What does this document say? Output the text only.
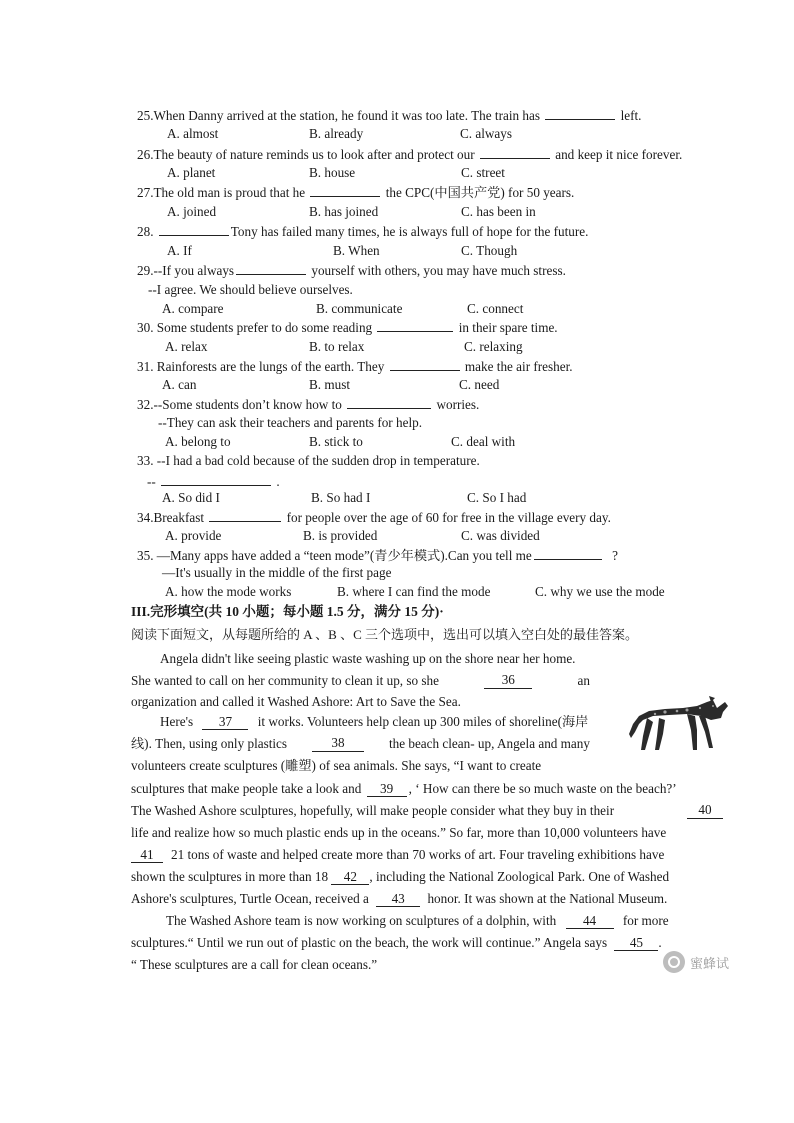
25.When Danny arrived at the station, he found it was too late. The train has	left.
A. almost	B. already	C. always
26.The beauty of nature reminds us to look after and protect our	and keep it nice forever.
A. planet	B. house	C. street
27.The old man is proud that he	the CPC(中国共产党) for 50 years.
A. joined	B. has joined	C. has been in
28.	Tony has failed many times, he is always full of hope for the future.
A. If	B. When	C. Though
29.--If you always	yourself with others, you may have much stress.
--I agree. We should believe ourselves.
A. compare	B. communicate	C. connect
30. Some students prefer to do some reading	in their spare time.
A. relax	B. to relax	C. relaxing
31. Rainforests are the lungs of the earth. They	make the air fresher.
A. can	B. must	C. need
32.--Some students don’t know how to	worries.
--They can ask their teachers and parents for help.
A. belong to	B. stick to	C. deal with
33. --I had a bad cold because of the sudden drop in temperature.
--	.
A. So did I	B. So had I	C. So I had
34.Breakfast	for people over the age of 60 for free in the village every day.
A. provide	B. is provided	C. was divided
35. —Many apps have added a “teen mode”(青少年模式).Can you tell me	?
—It's usually in the middle of the first page
A. how the mode works	B. where I can find the mode	C. why we use the mode
III.完形填空(共 10 小题；每小题 1.5 分，满分 15 分)·
阅读下面短文，从每题所给的 A 、B 、C 三个选项中，选出可以填入空白处的最佳答案。
Angela didn't like seeing plastic waste washing up on the shore near her home.
She wanted to call on her community to clean it up, so she	36	an
organization and called it Washed Ashore: Art to Save the Sea.
Here's 37 it works. Volunteers help clean up 300 miles of shoreline(海岸
线). Then, using only plastics	38	the beach clean- up, Angela and many
volunteers create sculptures (雕塑) of sea animals. She says, “I want to create
sculptures that make people take a look and 39 , ‘ How can there be so much waste on the beach?’
The Washed Ashore sculptures, hopefully, will make people consider what they buy in their	40
life and realize how so much plastic ends up in the oceans.” So far, more than 10,000 volunteers have
41 21 tons of waste and helped create more than 70 works of art. Four traveling exhibitions have
shown the sculptures in more than 18 42 , including the National Zoological Park. One of Washed
Ashore's sculptures, Turtle Ocean, received a 43 honor. It was shown at the National Museum.
The Washed Ashore team is now working on sculptures of a dolphin, with 44 for more
sculptures.“ Until we run out of plastic on the beach, the work will continue.” Angela says 45 .
“ These sculptures are a call for clean oceans.”	蜜蜂试
